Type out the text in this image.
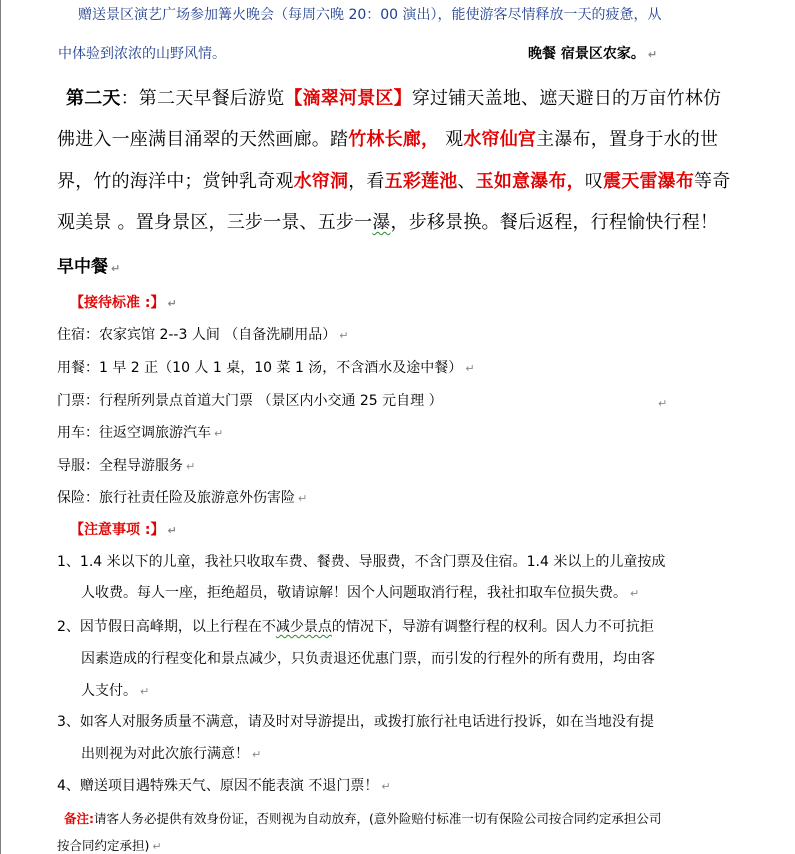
赠送景区演艺广场参加篝火晚会（每周六晚 20：00 演出），能使游客尽情释放一天的疲惫，从
中体验到浓浓的山野风情。	晚餐 宿景区农家。 ↵
第二天：第二天早餐后游览【滴翠河景区】穿过铺天盖地、遮天避日的万亩竹林仿
佛进入一座满目涌翠的天然画廊。踏竹林长廊， 观水帘仙宫主瀑布，置身于水的世
界，竹的海洋中；赏钟乳奇观水帘洞，看五彩莲池、玉如意瀑布，叹震天雷瀑布等奇
观美景 。置身景区，三步一景、五步一瀑，步移景换。餐后返程，行程愉快行程！
早中餐 ↵
【接待标准 :】 ↵
住宿：农家宾馆 2--3 人间 （自备洗刷用品） ↵
用餐：1 早 2 正（10 人 1 桌，10 菜 1 汤，不含酒水及途中餐） ↵
门票：行程所列景点首道大门票 （景区内小交通 25 元自理 ）	↵
用车：往返空调旅游汽车 ↵
导服：全程导游服务 ↵
保险：旅行社责任险及旅游意外伤害险 ↵
【注意事项 :】 ↵
1、1.4 米以下的儿童，我社只收取车费、餐费、导服费，不含门票及住宿。1.4 米以上的儿童按成
人收费。每人一座，拒绝超员，敬请谅解！因个人问题取消行程，我社扣取车位损失费。 ↵
2、因节假日高峰期，以上行程在不减少景点的情况下，导游有调整行程的权利。因人力不可抗拒
因素造成的行程变化和景点减少，只负责退还优惠门票，而引发的行程外的所有费用，均由客
人支付。 ↵
3、如客人对服务质量不满意，请及时对导游提出，或拨打旅行社电话进行投诉，如在当地没有提
出则视为对此次旅行满意！ ↵
4、赠送项目遇特殊天气、原因不能表演 不退门票！ ↵
备注:请客人务必提供有效身份证，否则视为自动放弃，(意外险赔付标准一切有保险公司按合同约定承担公司
按合同约定承担) ↵
